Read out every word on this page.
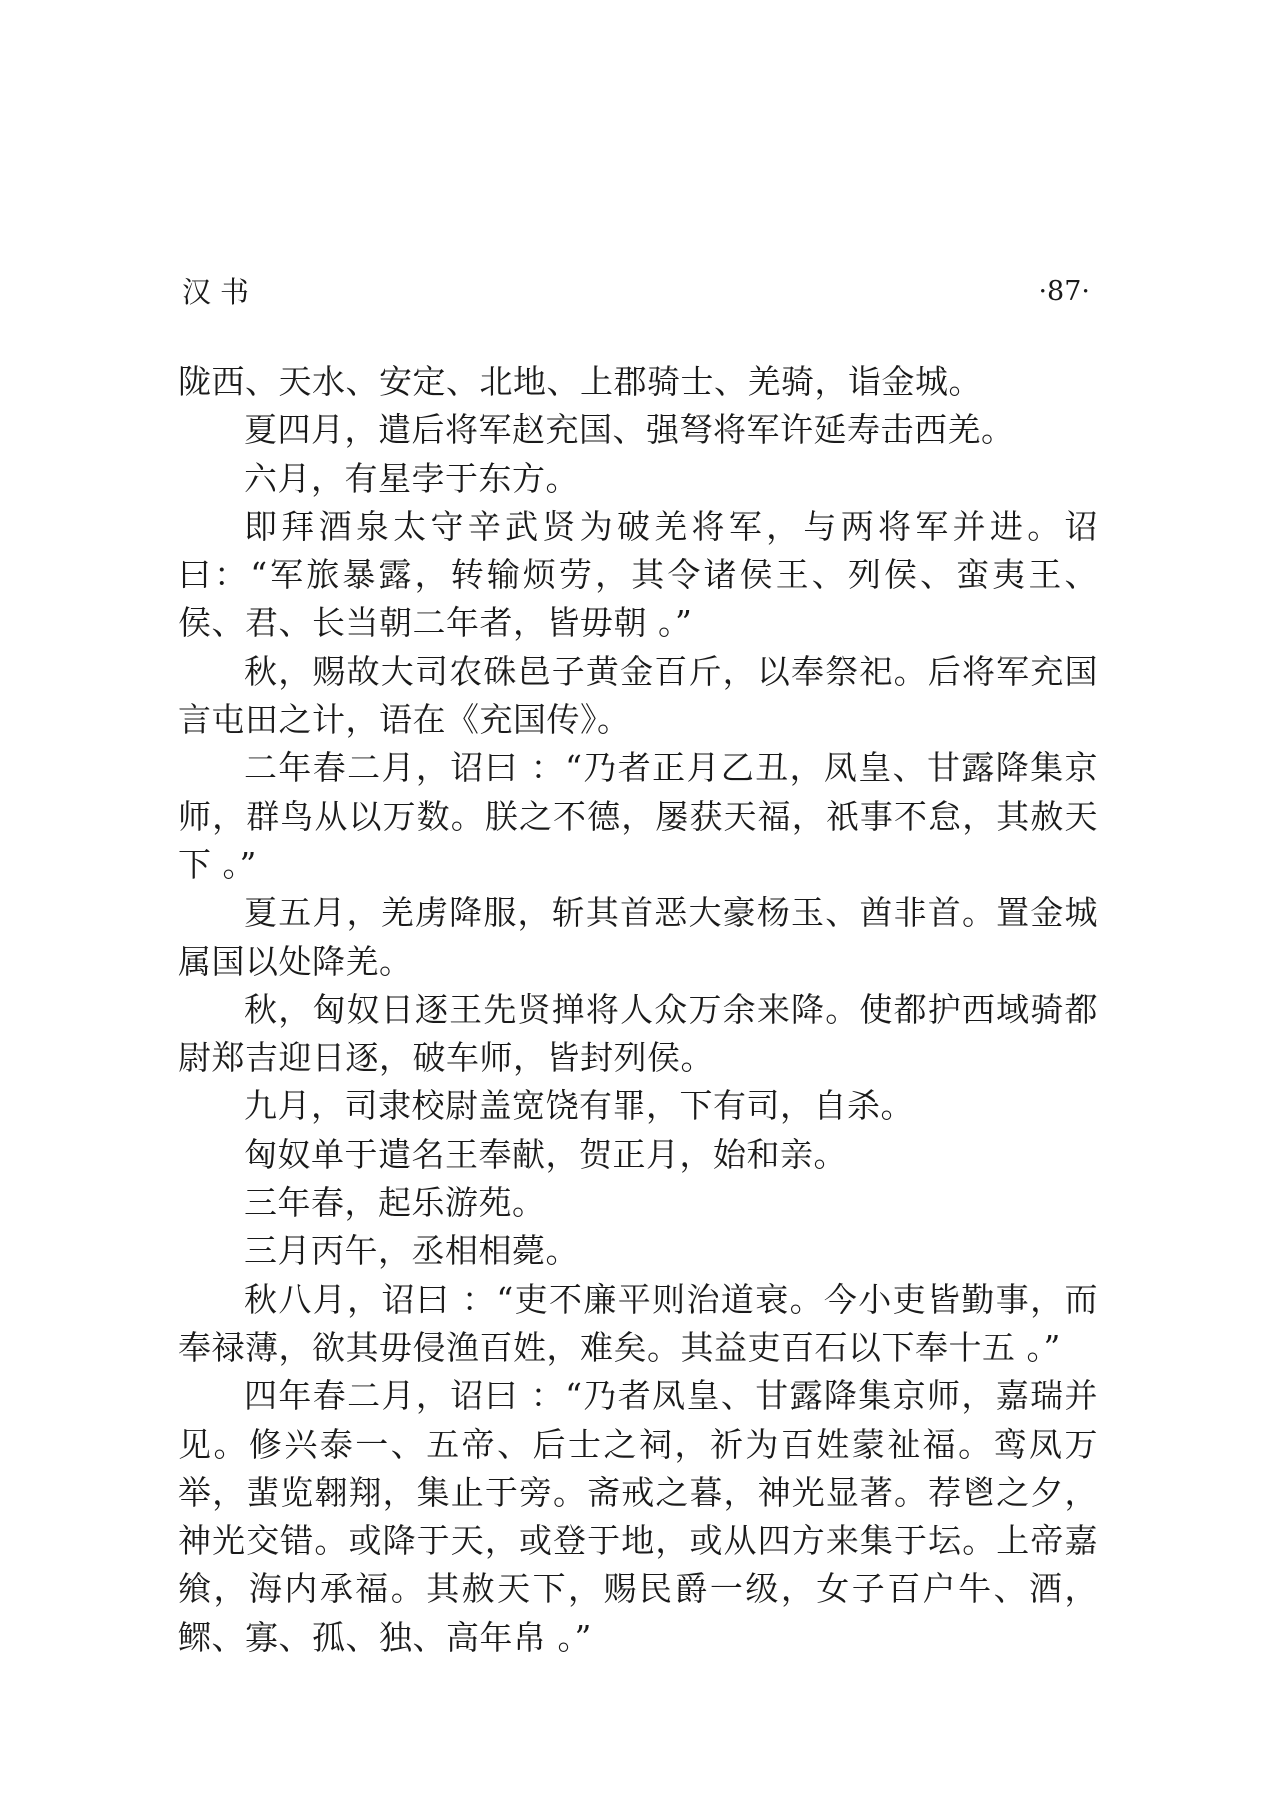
汉书	·87·

陇西、天水、安定、北地、上郡骑士、羌骑，诣金城。

夏四月，遣后将军赵充国、强弩将军许延寿击西羌。

六月，有星孛于东方。

即拜酒泉太守辛武贤为破羌将军，与两将军并进。诏曰：“军旅暴露，转输烦劳，其令诸侯王、列侯、蛮夷王、侯、君、长当朝二年者，皆毋朝 。”

秋，赐故大司农硃邑子黄金百斤，以奉祭祀。后将军充国言屯田之计，语在《充国传》。

二年春二月，诏曰 ：“乃者正月乙丑，凤皇、甘露降集京师，群鸟从以万数。朕之不德，屡获天福，祇事不怠，其赦天下 。”

夏五月，羌虏降服，斩其首恶大豪杨玉、酋非首。置金城属国以处降羌。

秋，匈奴日逐王先贤掸将人众万余来降。使都护西域骑都尉郑吉迎日逐，破车师，皆封列侯。

九月，司隶校尉盖宽饶有罪，下有司，自杀。

匈奴单于遣名王奉献，贺正月，始和亲。

三年春，起乐游苑。

三月丙午，丞相相薨。

秋八月，诏曰 ：“吏不廉平则治道衰。今小吏皆勤事，而奉禄薄，欲其毋侵渔百姓，难矣。其益吏百石以下奉十五 。”

四年春二月，诏曰 ：“乃者凤皇、甘露降集京师，嘉瑞并见。修兴泰一、五帝、后士之祠，祈为百姓蒙祉福。鸾凤万举，蜚览翱翔，集止于旁。斋戒之暮，神光显著。荐鬯之夕，神光交错。或降于天，或登于地，或从四方来集于坛。上帝嘉飨，海内承福。其赦天下，赐民爵一级，女子百户牛、酒，鳏、寡、孤、独、高年帛 。”
